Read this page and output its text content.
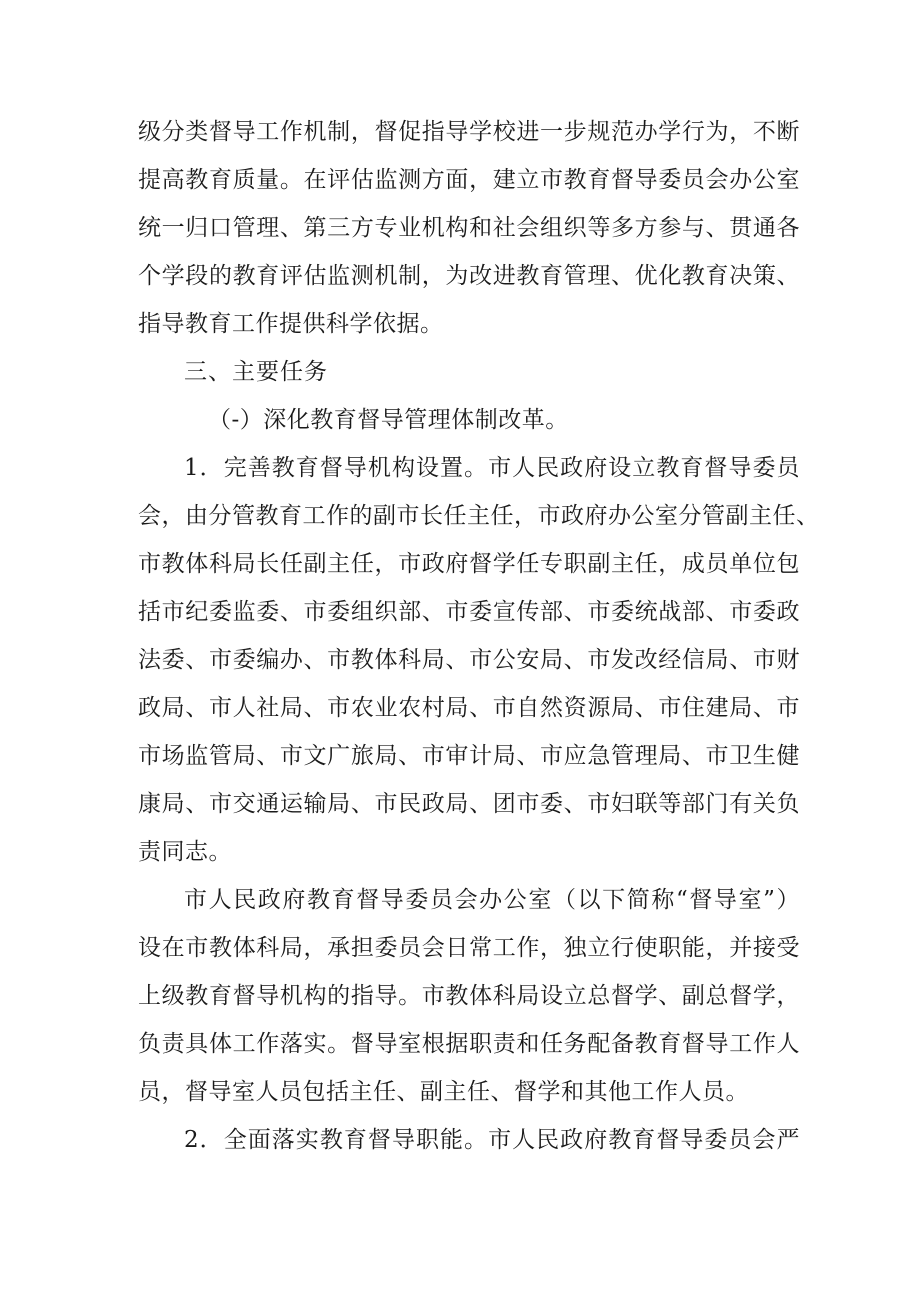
级分类督导工作机制，督促指导学校进一步规范办学行为，不断
提高教育质量。在评估监测方面，建立市教育督导委员会办公室
统一归口管理、第三方专业机构和社会组织等多方参与、贯通各
个学段的教育评估监测机制，为改进教育管理、优化教育决策、
指导教育工作提供科学依据。
三、主要任务
（-）深化教育督导管理体制改革。
1．完善教育督导机构设置。市人民政府设立教育督导委员
会，由分管教育工作的副市长任主任，市政府办公室分管副主任、
市教体科局长任副主任，市政府督学任专职副主任，成员单位包
括市纪委监委、市委组织部、市委宣传部、市委统战部、市委政
法委、市委编办、市教体科局、市公安局、市发改经信局、市财
政局、市人社局、市农业农村局、市自然资源局、市住建局、市
市场监管局、市文广旅局、市审计局、市应急管理局、市卫生健
康局、市交通运输局、市民政局、团市委、市妇联等部门有关负
责同志。
市人民政府教育督导委员会办公室（以下简称“督导室”）
设在市教体科局，承担委员会日常工作，独立行使职能，并接受
上级教育督导机构的指导。市教体科局设立总督学、副总督学，
负责具体工作落实。督导室根据职责和任务配备教育督导工作人
员，督导室人员包括主任、副主任、督学和其他工作人员。
2．全面落实教育督导职能。市人民政府教育督导委员会严
